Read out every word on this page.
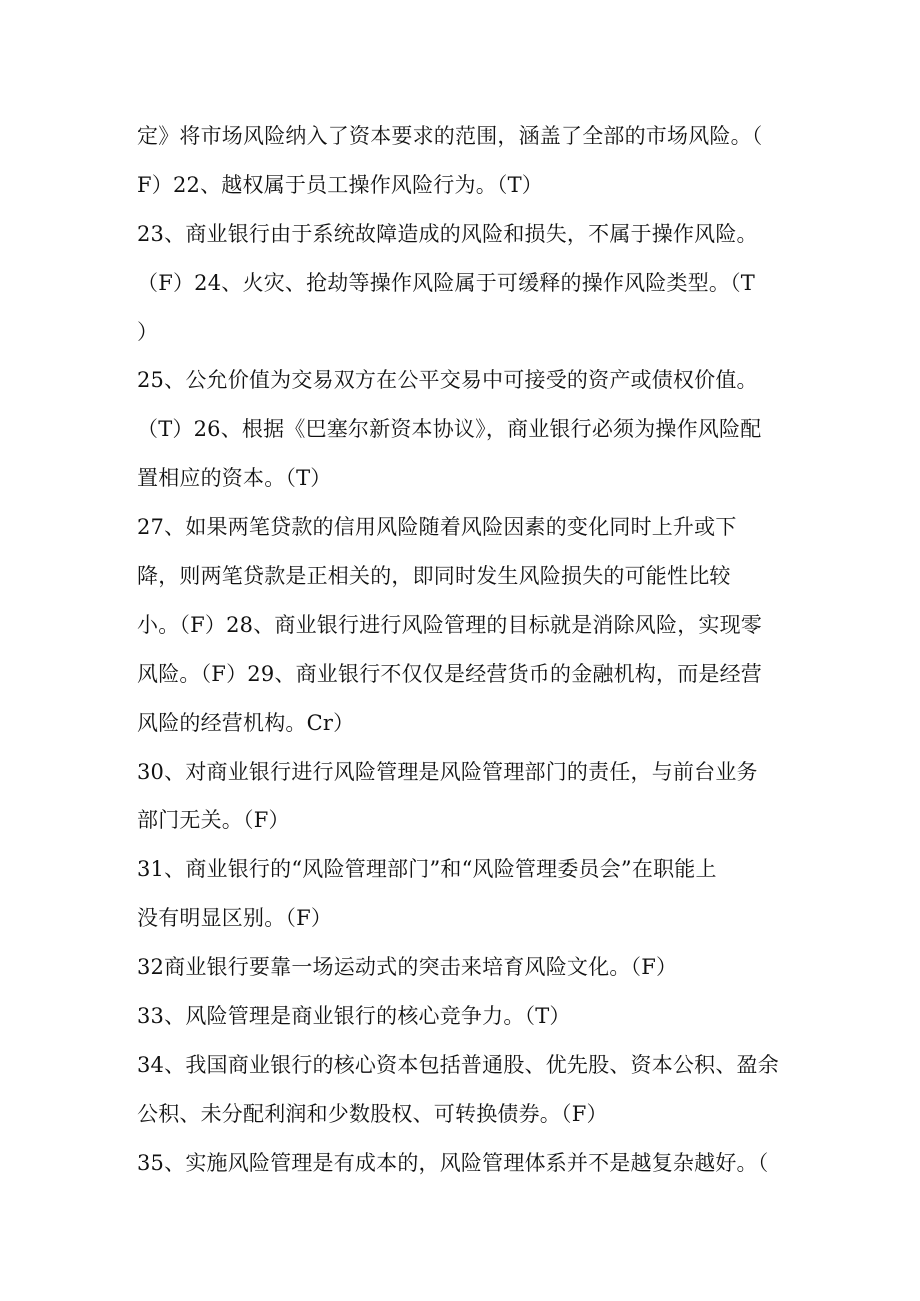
定》将市场风险纳入了资本要求的范围，涵盖了全部的市场风险。（
F）22、越权属于员工操作风险行为。（T）
23、商业银行由于系统故障造成的风险和损失，不属于操作风险。
（F）24、火灾、抢劫等操作风险属于可缓释的操作风险类型。（T
）
25、公允价值为交易双方在公平交易中可接受的资产或债权价值。
（T）26、根据《巴塞尔新资本协议》，商业银行必须为操作风险配
置相应的资本。（T）
27、如果两笔贷款的信用风险随着风险因素的变化同时上升或下
降，则两笔贷款是正相关的，即同时发生风险损失的可能性比较
小。（F）28、商业银行进行风险管理的目标就是消除风险，实现零
风险。（F）29、商业银行不仅仅是经营货币的金融机构，而是经营
风险的经营机构。Cr）
30、对商业银行进行风险管理是风险管理部门的责任，与前台业务
部门无关。（F）
31、商业银行的“风险管理部门”和“风险管理委员会”在职能上
没有明显区别。（F）
32商业银行要靠一场运动式的突击来培育风险文化。（F）
33、风险管理是商业银行的核心竞争力。（T）
34、我国商业银行的核心资本包括普通股、优先股、资本公积、盈余
公积、未分配利润和少数股权、可转换债券。（F）
35、实施风险管理是有成本的，风险管理体系并不是越复杂越好。（
